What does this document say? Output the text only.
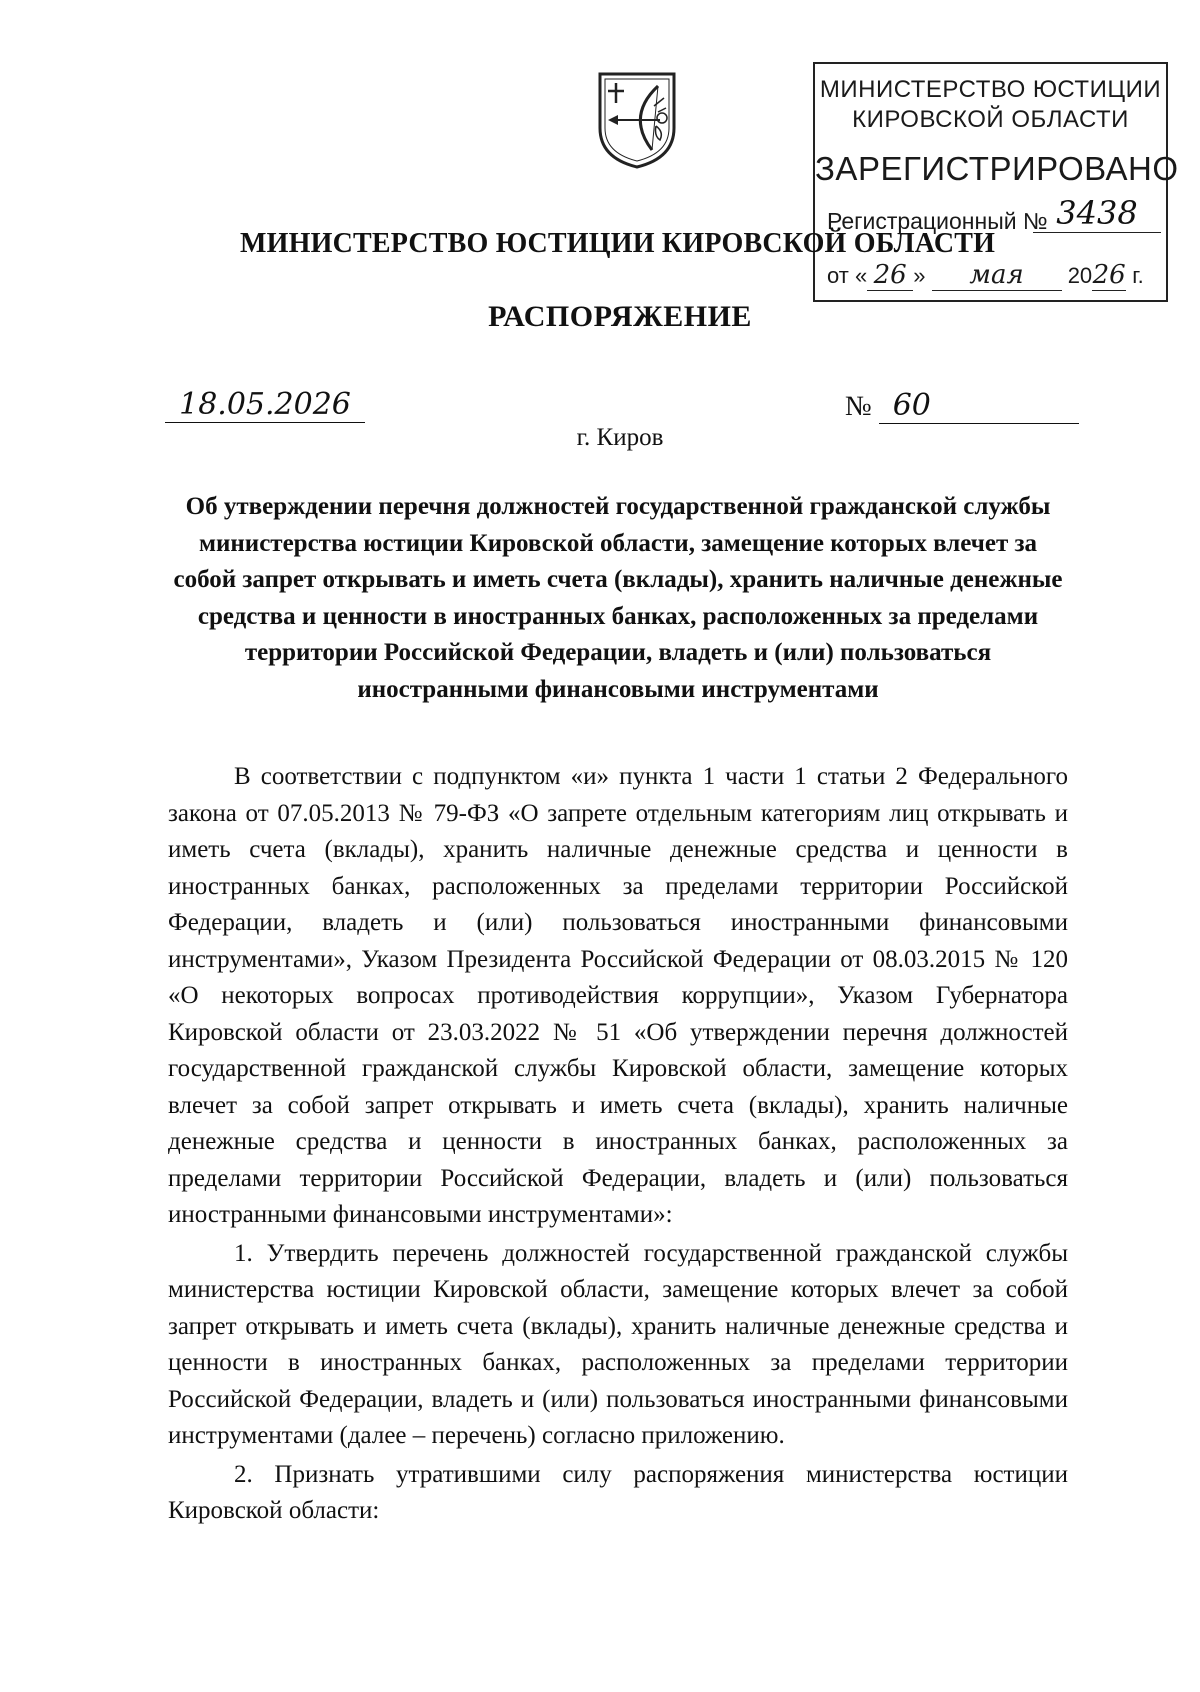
МИНИСТЕРСТВО ЮСТИЦИИ
КИРОВСКОЙ ОБЛАСТИ
ЗАРЕГИСТРИРОВАНО
Регистрационный № 3438
от « 26 » мая 2026 г.
МИНИСТЕРСТВО ЮСТИЦИИ КИРОВСКОЙ ОБЛАСТИ
РАСПОРЯЖЕНИЕ
18.05.2026	№ 60
г. Киров
Об утверждении перечня должностей государственной гражданской службы министерства юстиции Кировской области, замещение которых влечет за собой запрет открывать и иметь счета (вклады), хранить наличные денежные средства и ценности в иностранных банках, расположенных за пределами территории Российской Федерации, владеть и (или) пользоваться иностранными финансовыми инструментами

В соответствии с подпунктом «и» пункта 1 части 1 статьи 2 Федерального закона от 07.05.2013 № 79-ФЗ «О запрете отдельным категориям лиц открывать и иметь счета (вклады), хранить наличные денежные средства и ценности в иностранных банках, расположенных за пределами территории Российской Федерации, владеть и (или) пользоваться иностранными финансовыми инструментами», Указом Президента Российской Федерации от 08.03.2015 № 120 «О некоторых вопросах противодействия коррупции», Указом Губернатора Кировской области от 23.03.2022 № 51 «Об утверждении перечня должностей государственной гражданской службы Кировской области, замещение которых влечет за собой запрет открывать и иметь счета (вклады), хранить наличные денежные средства и ценности в иностранных банках, расположенных за пределами территории Российской Федерации, владеть и (или) пользоваться иностранными финансовыми инструментами»:

1. Утвердить перечень должностей государственной гражданской службы министерства юстиции Кировской области, замещение которых влечет за собой запрет открывать и иметь счета (вклады), хранить наличные денежные средства и ценности в иностранных банках, расположенных за пределами территории Российской Федерации, владеть и (или) пользоваться иностранными финансовыми инструментами (далее – перечень) согласно приложению.

2. Признать утратившими силу распоряжения министерства юстиции Кировской области:
